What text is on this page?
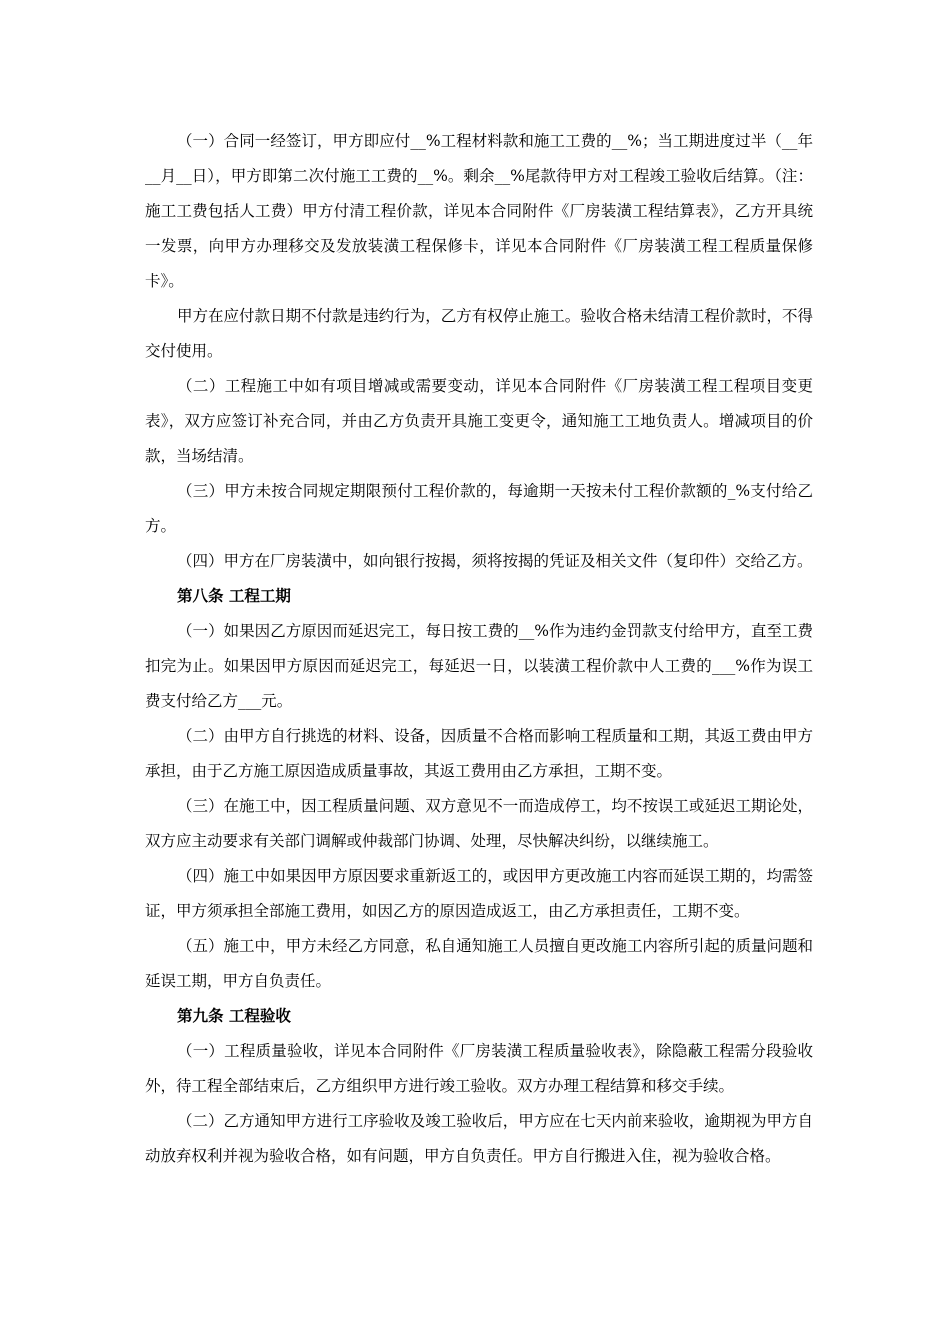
（一）合同一经签订，甲方即应付__%工程材料款和施工工费的__%；当工期进度过半（__年__月__日），甲方即第二次付施工工费的__%。剩余__%尾款待甲方对工程竣工验收后结算。（注：施工工费包括人工费）甲方付清工程价款，详见本合同附件《厂房装潢工程结算表》，乙方开具统一发票，向甲方办理移交及发放装潢工程保修卡，详见本合同附件《厂房装潢工程工程质量保修卡》。

甲方在应付款日期不付款是违约行为，乙方有权停止施工。验收合格未结清工程价款时，不得交付使用。

（二）工程施工中如有项目增减或需要变动，详见本合同附件《厂房装潢工程工程项目变更表》，双方应签订补充合同，并由乙方负责开具施工变更令，通知施工工地负责人。增减项目的价款，当场结清。

（三）甲方未按合同规定期限预付工程价款的，每逾期一天按未付工程价款额的_%支付给乙方。

（四）甲方在厂房装潢中，如向银行按揭，须将按揭的凭证及相关文件（复印件）交给乙方。

第八条 工程工期

（一）如果因乙方原因而延迟完工，每日按工费的__%作为违约金罚款支付给甲方，直至工费扣完为止。如果因甲方原因而延迟完工，每延迟一日，以装潢工程价款中人工费的___%作为误工费支付给乙方___元。

（二）由甲方自行挑选的材料、设备，因质量不合格而影响工程质量和工期，其返工费由甲方承担，由于乙方施工原因造成质量事故，其返工费用由乙方承担，工期不变。

（三）在施工中，因工程质量问题、双方意见不一而造成停工，均不按误工或延迟工期论处，双方应主动要求有关部门调解或仲裁部门协调、处理，尽快解决纠纷，以继续施工。

（四）施工中如果因甲方原因要求重新返工的，或因甲方更改施工内容而延误工期的，均需签证，甲方须承担全部施工费用，如因乙方的原因造成返工，由乙方承担责任，工期不变。

（五）施工中，甲方未经乙方同意，私自通知施工人员擅自更改施工内容所引起的质量问题和延误工期，甲方自负责任。

第九条 工程验收

（一）工程质量验收，详见本合同附件《厂房装潢工程质量验收表》，除隐蔽工程需分段验收外，待工程全部结束后，乙方组织甲方进行竣工验收。双方办理工程结算和移交手续。

（二）乙方通知甲方进行工序验收及竣工验收后，甲方应在七天内前来验收，逾期视为甲方自动放弃权利并视为验收合格，如有问题，甲方自负责任。甲方自行搬进入住，视为验收合格。
